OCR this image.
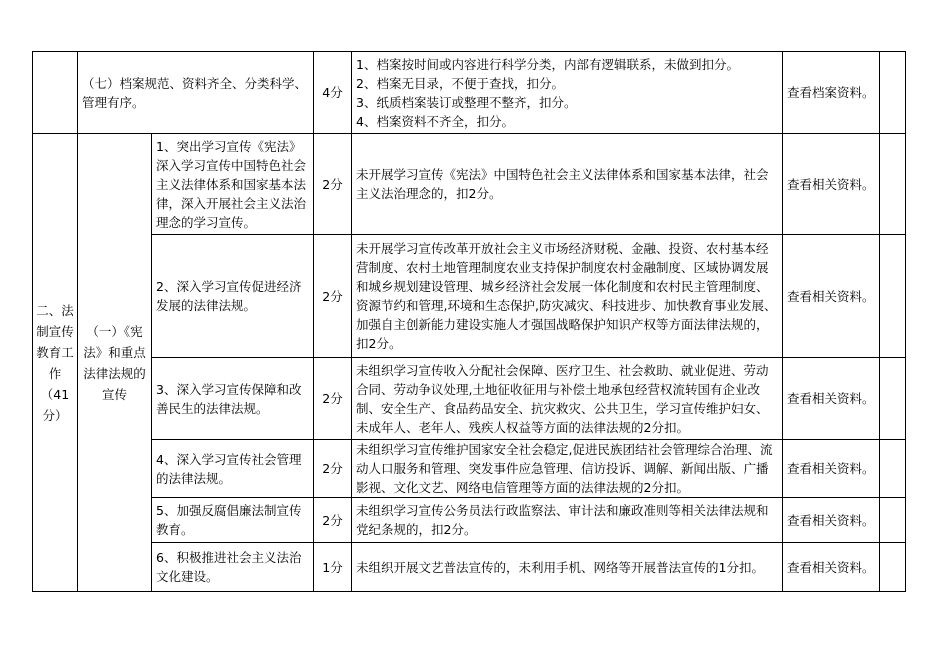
	（七）档案规范、资料齐全、分类科学、管理有序。		4分	1、档案按时间或内容进行科学分类，内部有逻辑联系，未做到扣分。
2、档案无目录，不便于查找，扣分。
3、纸质档案装订或整理不整齐，扣分。
4、档案资料不齐全，扣分。	查看档案资料。	
二、法制宣传教育工作（41分）	（一）《宪法》和重点法律法规的宣传	1、突出学习宣传《宪法》深入学习宣传中国特色社会主义法律体系和国家基本法律，深入开展社会主义法治理念的学习宣传。	2分	未开展学习宣传《宪法》中国特色社会主义法律体系和国家基本法律，社会主义法治理念的，扣2分。	查看相关资料。	
		2、深入学习宣传促进经济发展的法律法规。	2分	未开展学习宣传改革开放社会主义市场经济财税、金融、投资、农村基本经营制度、农村土地管理制度农业支持保护制度农村金融制度、区域协调发展和城乡规划建设管理、城乡经济社会发展一体化制度和农村民主管理制度、资源节约和管理,环境和生态保护,防灾减灾、科技进步、加快教育事业发展、加强自主创新能力建设实施人才强国战略保护知识产权等方面法律法规的，扣2分。	查看相关资料。	
		3、深入学习宣传保障和改善民生的法律法规。	2分	未组织学习宣传收入分配社会保障、医疗卫生、社会救助、就业促进、劳动合同、劳动争议处理,土地征收征用与补偿土地承包经营权流转国有企业改制、安全生产、食品药品安全、抗灾救灾、公共卫生，学习宣传维护妇女、未成年人、老年人、残疾人权益等方面的法律法规的2分扣。	查看相关资料。	
		4、深入学习宣传社会管理的法律法规。	2分	未组织学习宣传维护国家安全社会稳定,促进民族团结社会管理综合治理、流动人口服务和管理、突发事件应急管理、信访投诉、调解、新闻出版、广播影视、文化文艺、网络电信管理等方面的法律法规的2分扣。	查看相关资料。	
		5、加强反腐倡廉法制宣传教育。	2分	未组织学习宣传公务员法行政监察法、审计法和廉政准则等相关法律法规和党纪条规的，扣2分。	查看相关资料。	
		6、积极推进社会主义法治文化建设。	1分	未组织开展文艺普法宣传的，未利用手机、网络等开展普法宣传的1分扣。	查看相关资料。	
